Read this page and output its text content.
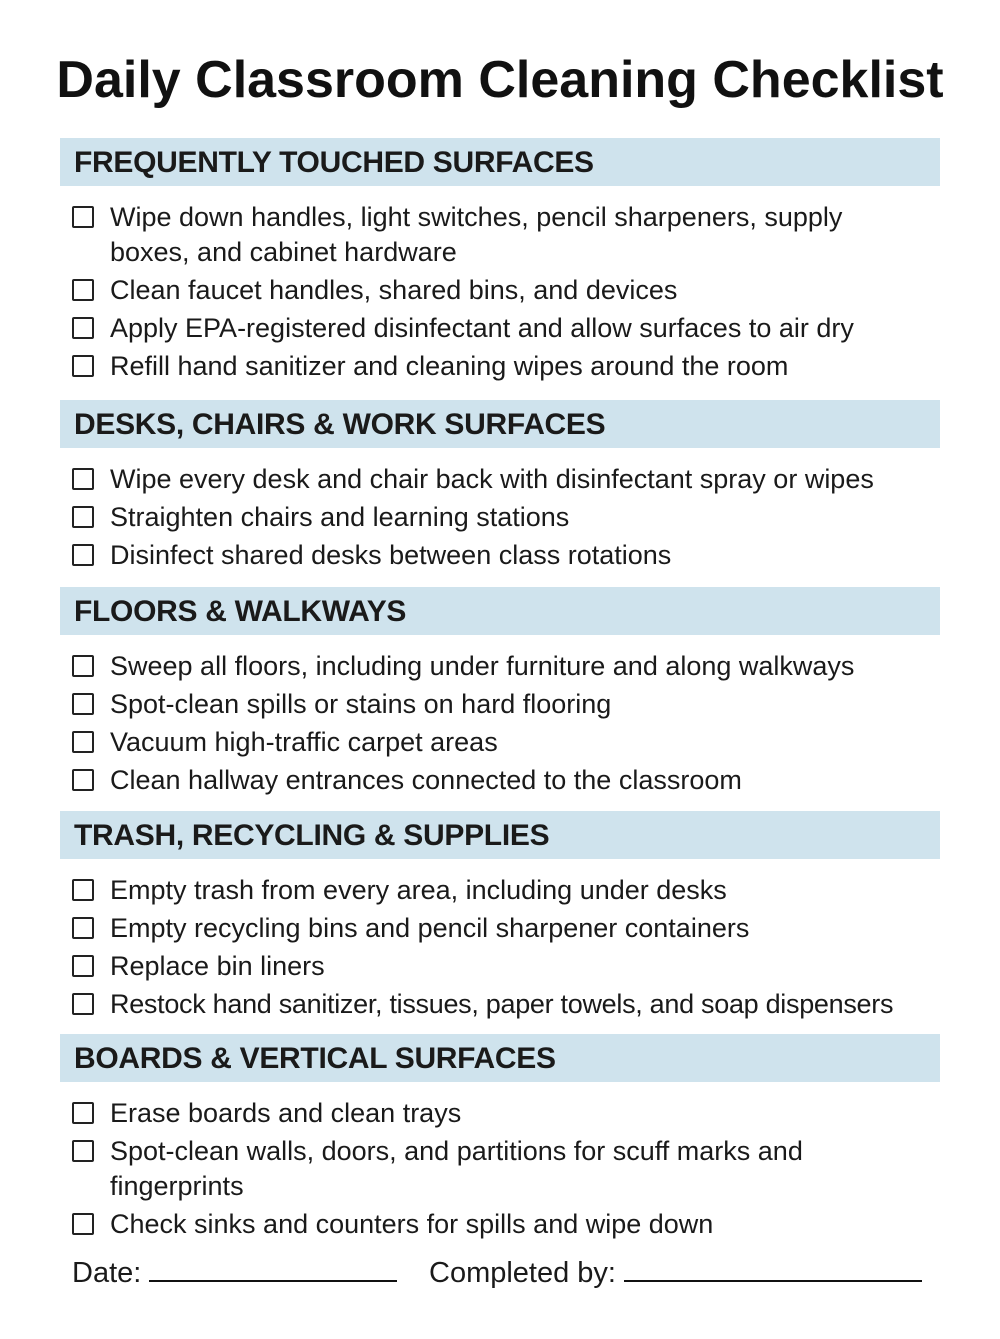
Daily Classroom Cleaning Checklist
FREQUENTLY TOUCHED SURFACES
Wipe down handles, light switches, pencil sharpeners, supply boxes, and cabinet hardware
Clean faucet handles, shared bins, and devices
Apply EPA-registered disinfectant and allow surfaces to air dry
Refill hand sanitizer and cleaning wipes around the room
DESKS, CHAIRS & WORK SURFACES
Wipe every desk and chair back with disinfectant spray or wipes
Straighten chairs and learning stations
Disinfect shared desks between class rotations
FLOORS & WALKWAYS
Sweep all floors, including under furniture and along walkways
Spot-clean spills or stains on hard flooring
Vacuum high-traffic carpet areas
Clean hallway entrances connected to the classroom
TRASH, RECYCLING & SUPPLIES
Empty trash from every area, including under desks
Empty recycling bins and pencil sharpener containers
Replace bin liners
Restock hand sanitizer, tissues, paper towels, and soap dispensers
BOARDS & VERTICAL SURFACES
Erase boards and clean trays
Spot-clean walls, doors, and partitions for scuff marks and fingerprints
Check sinks and counters for spills and wipe down
Date:	Completed by:
